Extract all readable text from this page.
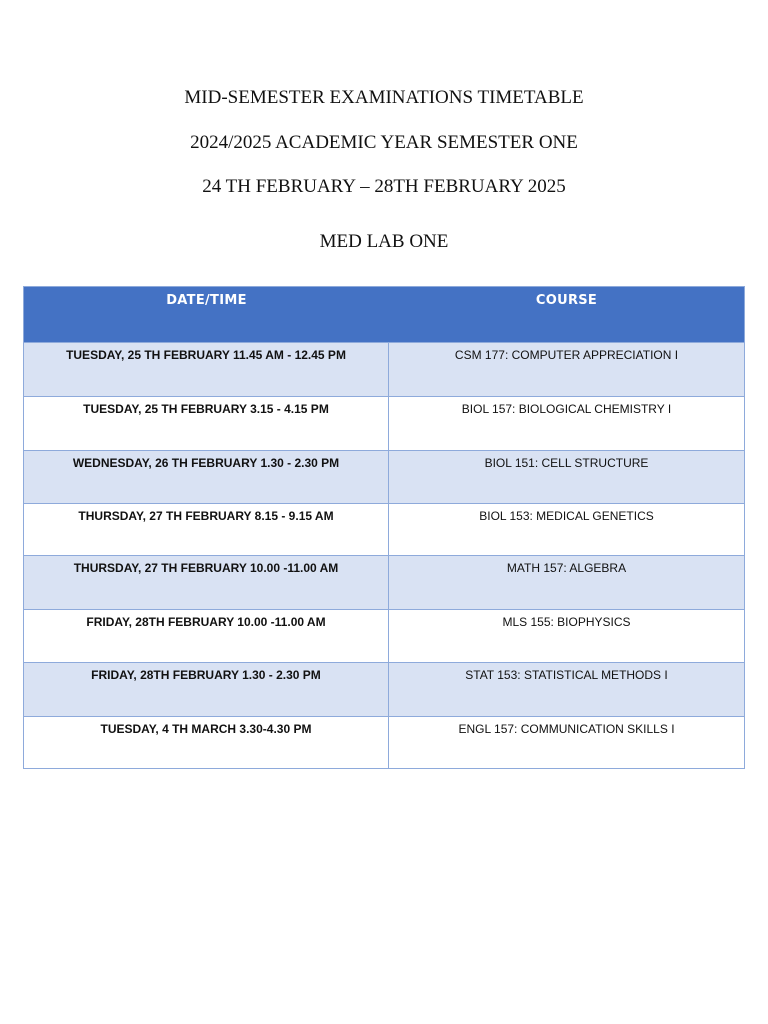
MID-SEMESTER EXAMINATIONS TIMETABLE
2024/2025 ACADEMIC YEAR SEMESTER ONE
24 TH FEBRUARY – 28TH FEBRUARY 2025
MED LAB ONE
DATE/TIME	COURSE
TUESDAY, 25 TH FEBRUARY 11.45 AM - 12.45 PM	CSM 177: COMPUTER APPRECIATION I
TUESDAY, 25 TH FEBRUARY 3.15 - 4.15 PM	BIOL 157: BIOLOGICAL CHEMISTRY I
WEDNESDAY, 26 TH FEBRUARY 1.30 - 2.30 PM	BIOL 151: CELL STRUCTURE
THURSDAY, 27 TH FEBRUARY 8.15 - 9.15 AM	BIOL 153: MEDICAL GENETICS
THURSDAY, 27 TH FEBRUARY 10.00 -11.00 AM	MATH 157: ALGEBRA
FRIDAY, 28TH FEBRUARY 10.00 -11.00 AM	MLS 155: BIOPHYSICS
FRIDAY, 28TH FEBRUARY 1.30 - 2.30 PM	STAT 153: STATISTICAL METHODS I
TUESDAY, 4 TH MARCH 3.30-4.30 PM	ENGL 157: COMMUNICATION SKILLS I
